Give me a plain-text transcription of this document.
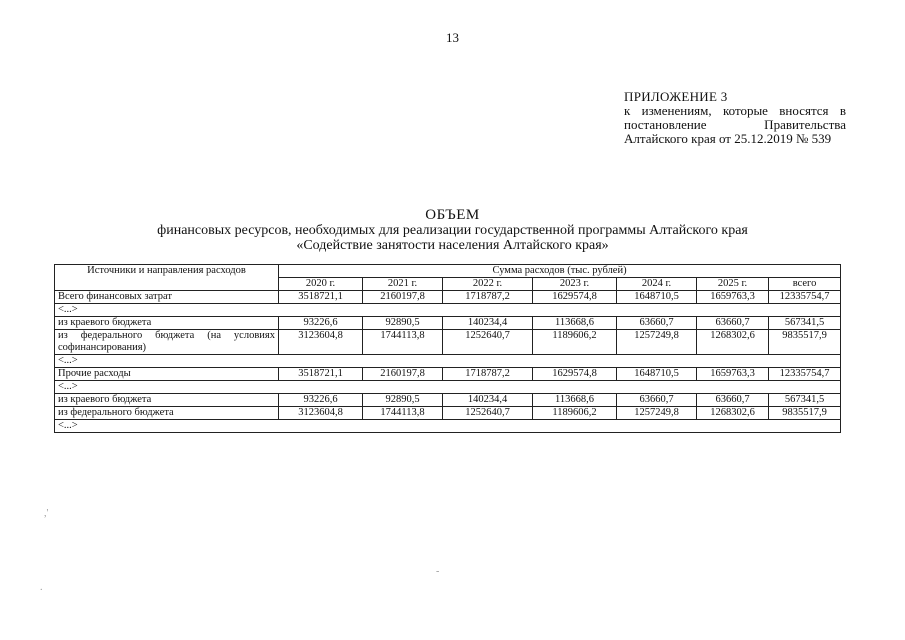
13
ПРИЛОЖЕНИЕ 3
к изменениям, которые вносятся в постановление Правительства Алтайского края от 25.12.2019 № 539
ОБЪЕМ
финансовых ресурсов, необходимых для реализации государственной программы Алтайского края
«Содействие занятости населения Алтайского края»
Источники и направления расходов	Сумма расходов (тыс. рублей)						
	2020 г.	2021 г.	2022 г.	2023 г.	2024 г.	2025 г.	всего
Всего финансовых затрат	3518721,1	2160197,8	1718787,2	1629574,8	1648710,5	1659763,3	12335754,7
<...>							
из краевого бюджета	93226,6	92890,5	140234,4	113668,6	63660,7	63660,7	567341,5
из федерального бюджета (на условиях софинансирования)	3123604,8	1744113,8	1252640,7	1189606,2	1257249,8	1268302,6	9835517,9
<...>							
Прочие расходы	3518721,1	2160197,8	1718787,2	1629574,8	1648710,5	1659763,3	12335754,7
<...>							
из краевого бюджета	93226,6	92890,5	140234,4	113668,6	63660,7	63660,7	567341,5
из федерального бюджета	3123604,8	1744113,8	1252640,7	1189606,2	1257249,8	1268302,6	9835517,9
<...>							
,'
.
-
